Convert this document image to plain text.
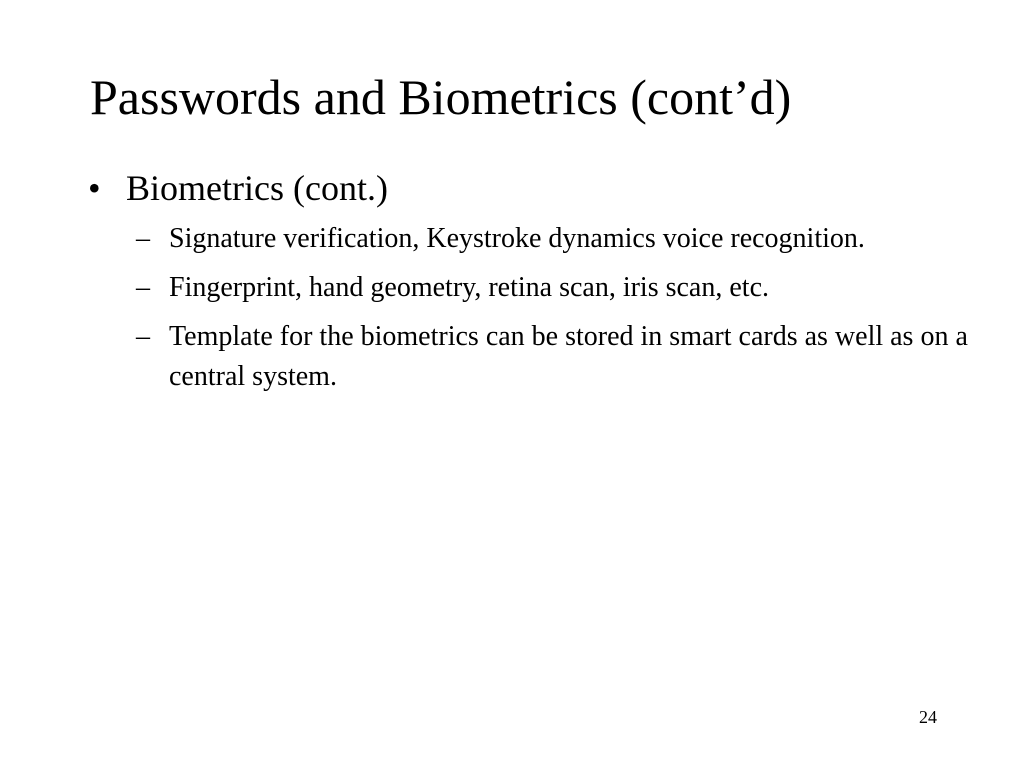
Passwords and Biometrics (cont’d)
• Biometrics (cont.)
– Signature verification, Keystroke dynamics voice recognition.
– Fingerprint, hand geometry, retina scan, iris scan, etc.
– Template for the biometrics can be stored in smart cards as well as on a central system.
24
